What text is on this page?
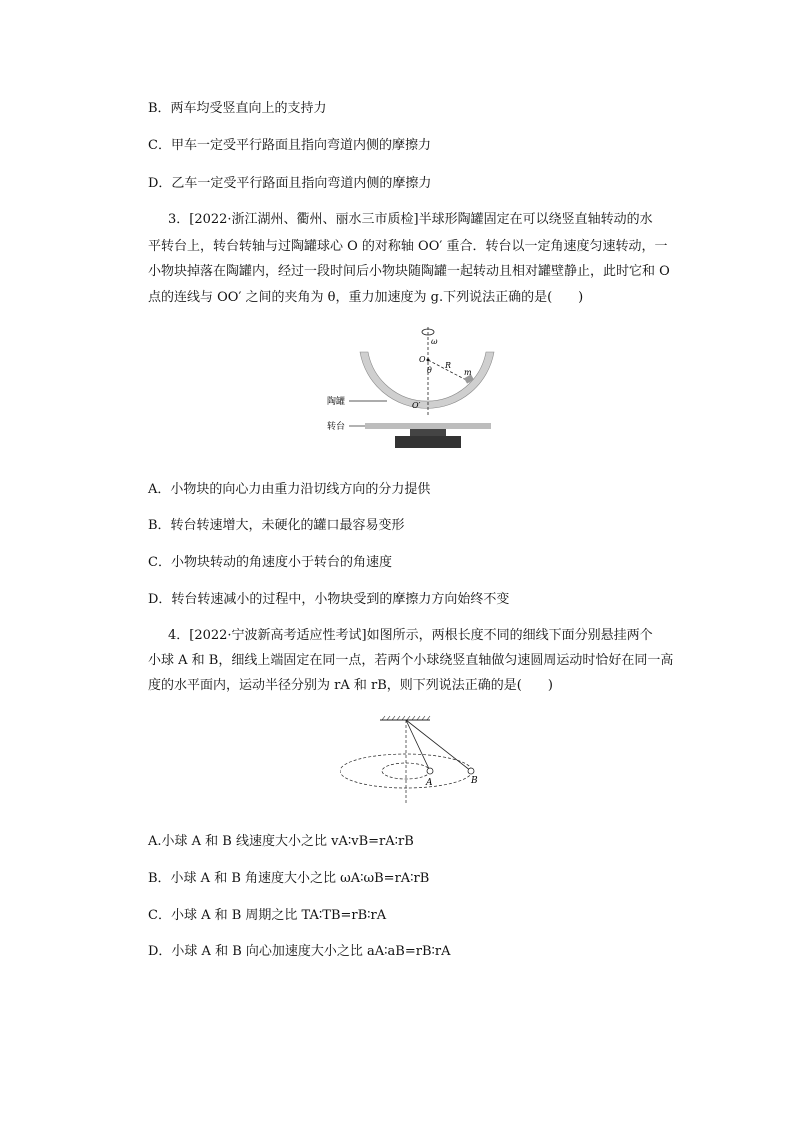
B．两车均受竖直向上的支持力
C．甲车一定受平行路面且指向弯道内侧的摩擦力
D．乙车一定受平行路面且指向弯道内侧的摩擦力
3．[2022·浙江湖州、衢州、丽水三市质检]半球形陶罐固定在可以绕竖直轴转动的水
平转台上，转台转轴与过陶罐球心 O 的对称轴 OO′ 重合．转台以一定角速度匀速转动，一
小物块掉落在陶罐内，经过一段时间后小物块随陶罐一起转动且相对罐壁静止，此时它和 O
点的连线与 OO′ 之间的夹角为 θ，重力加速度为 g.下列说法正确的是(　　)
ω
O
R
θ	m
O′
陶罐
转台
A．小物块的向心力由重力沿切线方向的分力提供
B．转台转速增大，未硬化的罐口最容易变形
C．小物块转动的角速度小于转台的角速度
D．转台转速减小的过程中，小物块受到的摩擦力方向始终不变
4．[2022·宁波新高考适应性考试]如图所示，两根长度不同的细线下面分别悬挂两个
小球 A 和 B，细线上端固定在同一点，若两个小球绕竖直轴做匀速圆周运动时恰好在同一高
度的水平面内，运动半径分别为 rA 和 rB，则下列说法正确的是(　　)
A	B
A.小球 A 和 B 线速度大小之比 vA∶vB=rA∶rB
B．小球 A 和 B 角速度大小之比 ωA∶ωB=rA∶rB
C．小球 A 和 B 周期之比 TA∶TB=rB∶rA
D．小球 A 和 B 向心加速度大小之比 aA∶aB=rB∶rA
